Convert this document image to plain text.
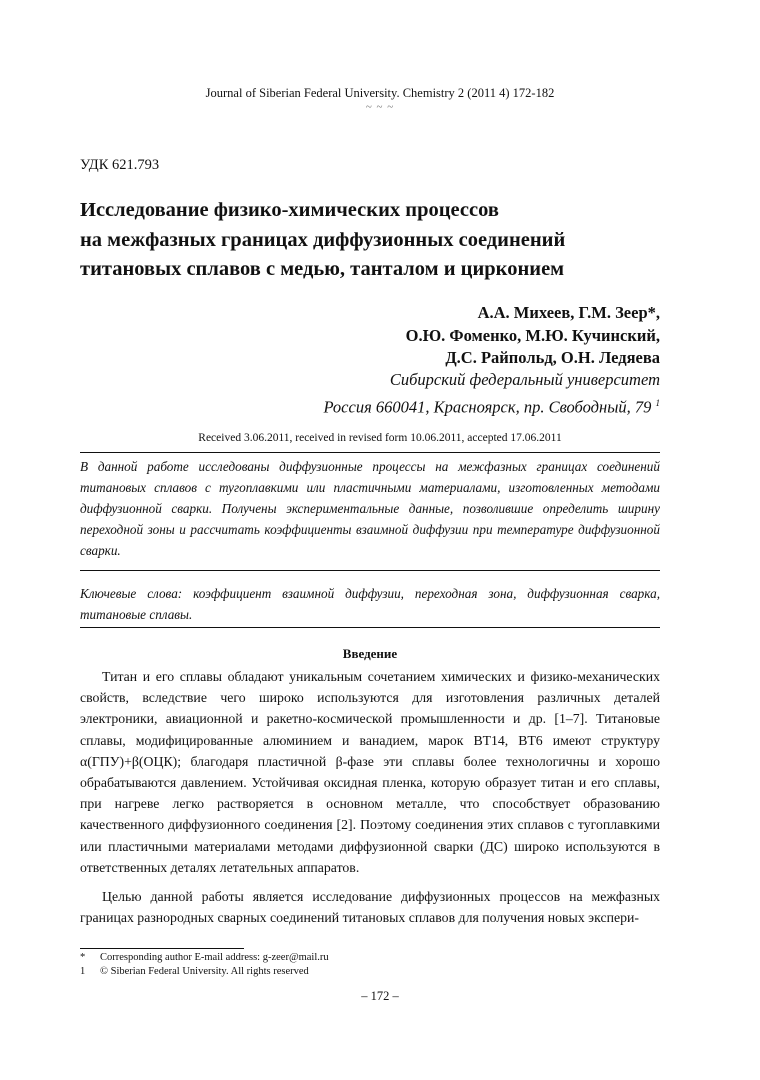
Journal of Siberian Federal University. Chemistry 2 (2011 4) 172-182
~ ~ ~
УДК 621.793
Исследование физико-химических процессов
на межфазных границах диффузионных соединений
титановых сплавов с медью, танталом и цирконием
А.А. Михеев, Г.М. Зеер*,
О.Ю. Фоменко, М.Ю. Кучинский,
Д.С. Райпольд, О.Н. Ледяева
Сибирский федеральный университет
Россия 660041, Красноярск, пр. Свободный, 79 $^1$
Received 3.06.2011, received in revised form 10.06.2011, accepted 17.06.2011
В данной работе исследованы диффузионные процессы на межфазных границах соединений титановых сплавов с тугоплавкими или пластичными материалами, изготовленных методами диффузионной сварки. Получены экспериментальные данные, позволившие определить ширину переходной зоны и рассчитать коэффициенты взаимной диффузии при температуре диффузионной сварки.
Ключевые слова: коэффициент взаимной диффузии, переходная зона, диффузионная сварка, титановые сплавы.
Введение

Титан и его сплавы обладают уникальным сочетанием химических и физико-механических свойств, вследствие чего широко используются для изготовления различных деталей электроники, авиационной и ракетно-космической промышленности и др. [1–7]. Титановые сплавы, модифицированные алюминием и ванадием, марок ВТ14, ВТ6 имеют структуру α(ГПУ)+β(ОЦК); благодаря пластичной β-фазе эти сплавы более технологичны и хорошо обрабатываются давлением. Устойчивая оксидная пленка, которую образует титан и его сплавы, при нагреве легко растворяется в основном металле, что способствует образованию качественного диффузионного соединения [2]. Поэтому соединения этих сплавов с тугоплавкими или пластичными материалами методами диффузионной сварки (ДС) широко используются в ответственных деталях летательных аппаратов.

Целью данной работы является исследование диффузионных процессов на межфазных границах разнородных сварных соединений титановых сплавов для получения новых экспери-

*	Corresponding author E-mail address: g-zeer@mail.ru
1	© Siberian Federal University. All rights reserved
– 172 –
